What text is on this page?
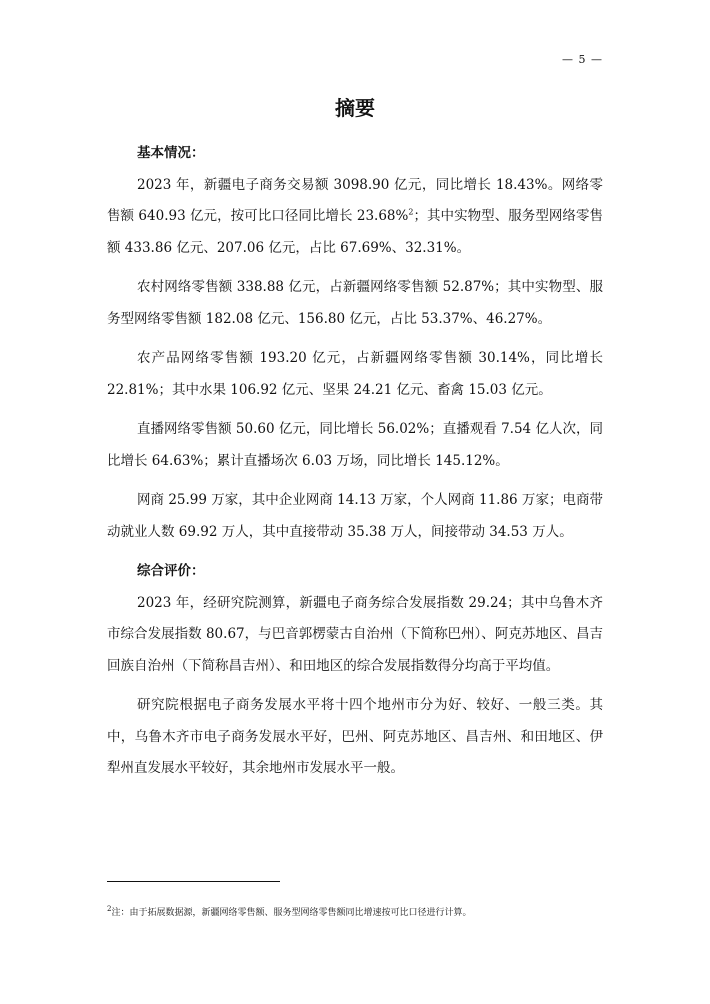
— 5 —
摘要
基本情况：

2023 年，新疆电子商务交易额 3098.90 亿元，同比增长 18.43%。网络零售额 640.93 亿元，按可比口径同比增长 23.68%$^2$；其中实物型、服务型网络零售额 433.86 亿元、207.06 亿元，占比 67.69%、32.31%。

农村网络零售额 338.88 亿元，占新疆网络零售额 52.87%；其中实物型、服务型网络零售额 182.08 亿元、156.80 亿元，占比 53.37%、46.27%。

农产品网络零售额 193.20 亿元，占新疆网络零售额 30.14%，同比增长 22.81%；其中水果 106.92 亿元、坚果 24.21 亿元、畜禽 15.03 亿元。

直播网络零售额 50.60 亿元，同比增长 56.02%；直播观看 7.54 亿人次，同比增长 64.63%；累计直播场次 6.03 万场，同比增长 145.12%。

网商 25.99 万家，其中企业网商 14.13 万家，个人网商 11.86 万家；电商带动就业人数 69.92 万人，其中直接带动 35.38 万人，间接带动 34.53 万人。

综合评价：

2023 年，经研究院测算，新疆电子商务综合发展指数 29.24；其中乌鲁木齐市综合发展指数 80.67，与巴音郭楞蒙古自治州（下简称巴州）、阿克苏地区、昌吉回族自治州（下简称昌吉州）、和田地区的综合发展指数得分均高于平均值。

研究院根据电子商务发展水平将十四个地州市分为好、较好、一般三类。其中，乌鲁木齐市电子商务发展水平好，巴州、阿克苏地区、昌吉州、和田地区、伊犁州直发展水平较好，其余地州市发展水平一般。

$^2$注：由于拓展数据源，新疆网络零售额、服务型网络零售额同比增速按可比口径进行计算。
